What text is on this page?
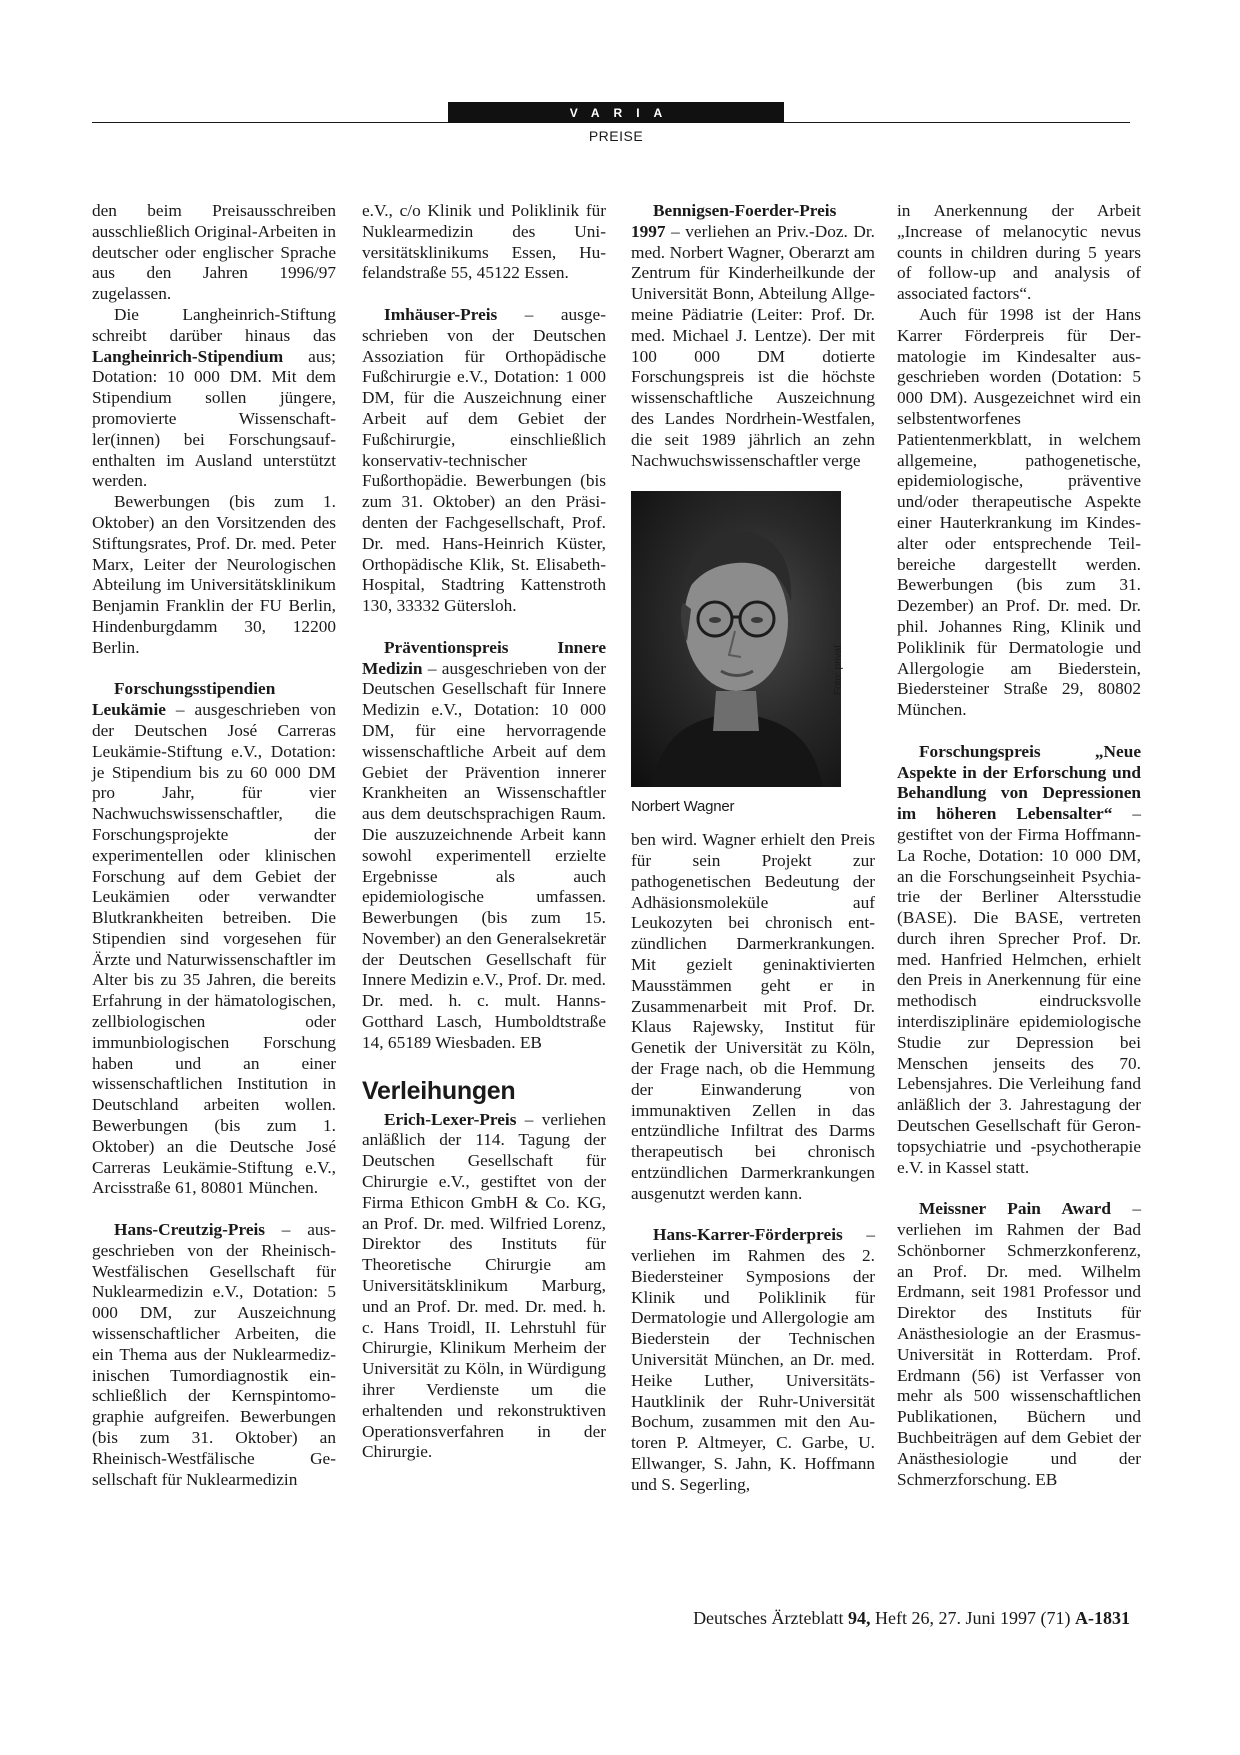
VARIA
PREISE

den beim Preisausschreiben ausschließlich Original-Arbeiten in deutscher oder englischer Sprache aus den Jahren 1996/97 zugelassen.

Die Langheinrich-Stiftung schreibt darüber hinaus das Langheinrich-Stipendium aus; Dotation: 10 000 DM. Mit dem Stipendium sollen jüngere, promovierte Wissenschaftler(innen) bei Forschungsaufenthalten im Ausland unterstützt werden.

Bewerbungen (bis zum 1. Oktober) an den Vorsitzenden des Stiftungsrates, Prof. Dr. med. Peter Marx, Leiter der Neurologischen Abteilung im Universitätsklinikum Benjamin Franklin der FU Berlin, Hindenburgdamm 30, 12200 Berlin.

Forschungsstipendien Leukämie – ausgeschrieben von der Deutschen José Carreras Leukämie-Stiftung e.V., Dotation: je Stipendium bis zu 60 000 DM pro Jahr, für vier Nachwuchswissenschaftler, die Forschungsprojekte der experimentellen oder klinischen Forschung auf dem Gebiet der Leukämien oder verwandter Blutkrankheiten betreiben. Die Stipendien sind vorgesehen für Ärzte und Naturwissenschaftler im Alter bis zu 35 Jahren, die bereits Erfahrung in der hämatologischen, zellbiologischen oder immunbiologischen Forschung haben und an einer wissenschaftlichen Institution in Deutschland arbeiten wollen. Bewerbungen (bis zum 1. Oktober) an die Deutsche José Carreras Leukämie-Stiftung e.V., Arcisstraße 61, 80801 München.

Hans-Creutzig-Preis – ausgeschrieben von der Rheinisch-Westfälischen Gesellschaft für Nuklearmedizin e.V., Dotation: 5 000 DM, zur Auszeichnung wissenschaftlicher Arbeiten, die ein Thema aus der Nuklearmedizinischen Tumordiagnostik einschließlich der Kernspintomographie aufgreifen. Bewerbungen (bis zum 31. Oktober) an Rheinisch-Westfälische Gesellschaft für Nuklearmedizin

e.V., c/o Klinik und Poliklinik für Nuklearmedizin des Universitätsklinikums Essen, Hufelandstraße 55, 45122 Essen.

Imhäuser-Preis – ausgeschrieben von der Deutschen Assoziation für Orthopädische Fußchirurgie e.V., Dotation: 1 000 DM, für die Auszeichnung einer Arbeit auf dem Gebiet der Fußchirurgie, einschließlich konservativ-technischer Fußorthopädie. Bewerbungen (bis zum 31. Oktober) an den Präsidenten der Fachgesellschaft, Prof. Dr. med. Hans-Heinrich Küster, Orthopädische Klik, St. Elisabeth-Hospital, Stadtring Kattenstroth 130, 33332 Gütersloh.

Präventionspreis Innere Medizin – ausgeschrieben von der Deutschen Gesellschaft für Innere Medizin e.V., Dotation: 10 000 DM, für eine hervorragende wissenschaftliche Arbeit auf dem Gebiet der Prävention innerer Krankheiten an Wissenschaftler aus dem deutschsprachigen Raum. Die auszuzeichnende Arbeit kann sowohl experimentell erzielte Ergebnisse als auch epidemiologische umfassen. Bewerbungen (bis zum 15. November) an den Generalsekretär der Deutschen Gesellschaft für Innere Medizin e.V., Prof. Dr. med. Dr. med. h. c. mult. Hanns-Gotthard Lasch, Humboldtstraße 14, 65189 Wiesbaden. EB

Verleihungen

Erich-Lexer-Preis – verliehen anläßlich der 114. Tagung der Deutschen Gesellschaft für Chirurgie e.V., gestiftet von der Firma Ethicon GmbH & Co. KG, an Prof. Dr. med. Wilfried Lorenz, Direktor des Instituts für Theoretische Chirurgie am Universitätsklinikum Marburg, und an Prof. Dr. med. Dr. med. h. c. Hans Troidl, II. Lehrstuhl für Chirurgie, Klinikum Merheim der Universität zu Köln, in Würdigung ihrer Verdienste um die erhaltenden und rekonstruktiven Operationsverfahren in der Chirurgie.

Bennigsen-Foerder-Preis 1997 – verliehen an Priv.-Doz. Dr. med. Norbert Wagner, Oberarzt am Zentrum für Kinderheilkunde der Universität Bonn, Abteilung Allgemeine Pädiatrie (Leiter: Prof. Dr. med. Michael J. Lentze). Der mit 100 000 DM dotierte Forschungspreis ist die höchste wissenschaftliche Auszeichnung des Landes Nordrhein-Westfalen, die seit 1989 jährlich an zehn Nachwuchswissenschaftler verge

Foto: privat
Norbert Wagner

ben wird. Wagner erhielt den Preis für sein Projekt zur pathogenetischen Bedeutung der Adhäsionsmoleküle auf Leukozyten bei chronisch entzündlichen Darmerkrankungen. Mit gezielt geninaktivierten Mausstämmen geht er in Zusammenarbeit mit Prof. Dr. Klaus Rajewsky, Institut für Genetik der Universität zu Köln, der Frage nach, ob die Hemmung der Einwanderung von immunaktiven Zellen in das entzündliche Infiltrat des Darms therapeutisch bei chronisch entzündlichen Darmerkrankungen ausgenutzt werden kann.

Hans-Karrer-Förderpreis – verliehen im Rahmen des 2. Biedersteiner Symposions der Klinik und Poliklinik für Dermatologie und Allergologie am Biederstein der Technischen Universität München, an Dr. med. Heike Luther, Universitäts-Hautklinik der Ruhr-Universität Bochum, zusammen mit den Autoren P. Altmeyer, C. Garbe, U. Ellwanger, S. Jahn, K. Hoffmann und S. Segerling,

in Anerkennung der Arbeit „Increase of melanocytic nevus counts in children during 5 years of follow-up and analysis of associated factors“.

Auch für 1998 ist der Hans Karrer Förderpreis für Dermatologie im Kindesalter ausgeschrieben worden (Dotation: 5 000 DM). Ausgezeichnet wird ein selbstentworfenes Patientenmerkblatt, in welchem allgemeine, pathogenetische, epidemiologische, präventive und/oder therapeutische Aspekte einer Hauterkrankung im Kindesalter oder entsprechende Teilbereiche dargestellt werden. Bewerbungen (bis zum 31. Dezember) an Prof. Dr. med. Dr. phil. Johannes Ring, Klinik und Poliklinik für Dermatologie und Allergologie am Biederstein, Biedersteiner Straße 29, 80802 München.

Forschungspreis „Neue Aspekte in der Erforschung und Behandlung von Depressionen im höheren Lebensalter“ – gestiftet von der Firma Hoffmann-La Roche, Dotation: 10 000 DM, an die Forschungseinheit Psychiatrie der Berliner Altersstudie (BASE). Die BASE, vertreten durch ihren Sprecher Prof. Dr. med. Hanfried Helmchen, erhielt den Preis in Anerkennung für eine methodisch eindrucksvolle interdisziplinäre epidemiologische Studie zur Depression bei Menschen jenseits des 70. Lebensjahres. Die Verleihung fand anläßlich der 3. Jahrestagung der Deutschen Gesellschaft für Gerontopsychiatrie und -psychotherapie e.V. in Kassel statt.

Meissner Pain Award – verliehen im Rahmen der Bad Schönborner Schmerzkonferenz, an Prof. Dr. med. Wilhelm Erdmann, seit 1981 Professor und Direktor des Instituts für Anästhesiologie an der Erasmus-Universität in Rotterdam. Prof. Erdmann (56) ist Verfasser von mehr als 500 wissenschaftlichen Publikationen, Büchern und Buchbeiträgen auf dem Gebiet der Anästhesiologie und der Schmerzforschung. EB

Deutsches Ärzteblatt 94, Heft 26, 27. Juni 1997 (71) A-1831
